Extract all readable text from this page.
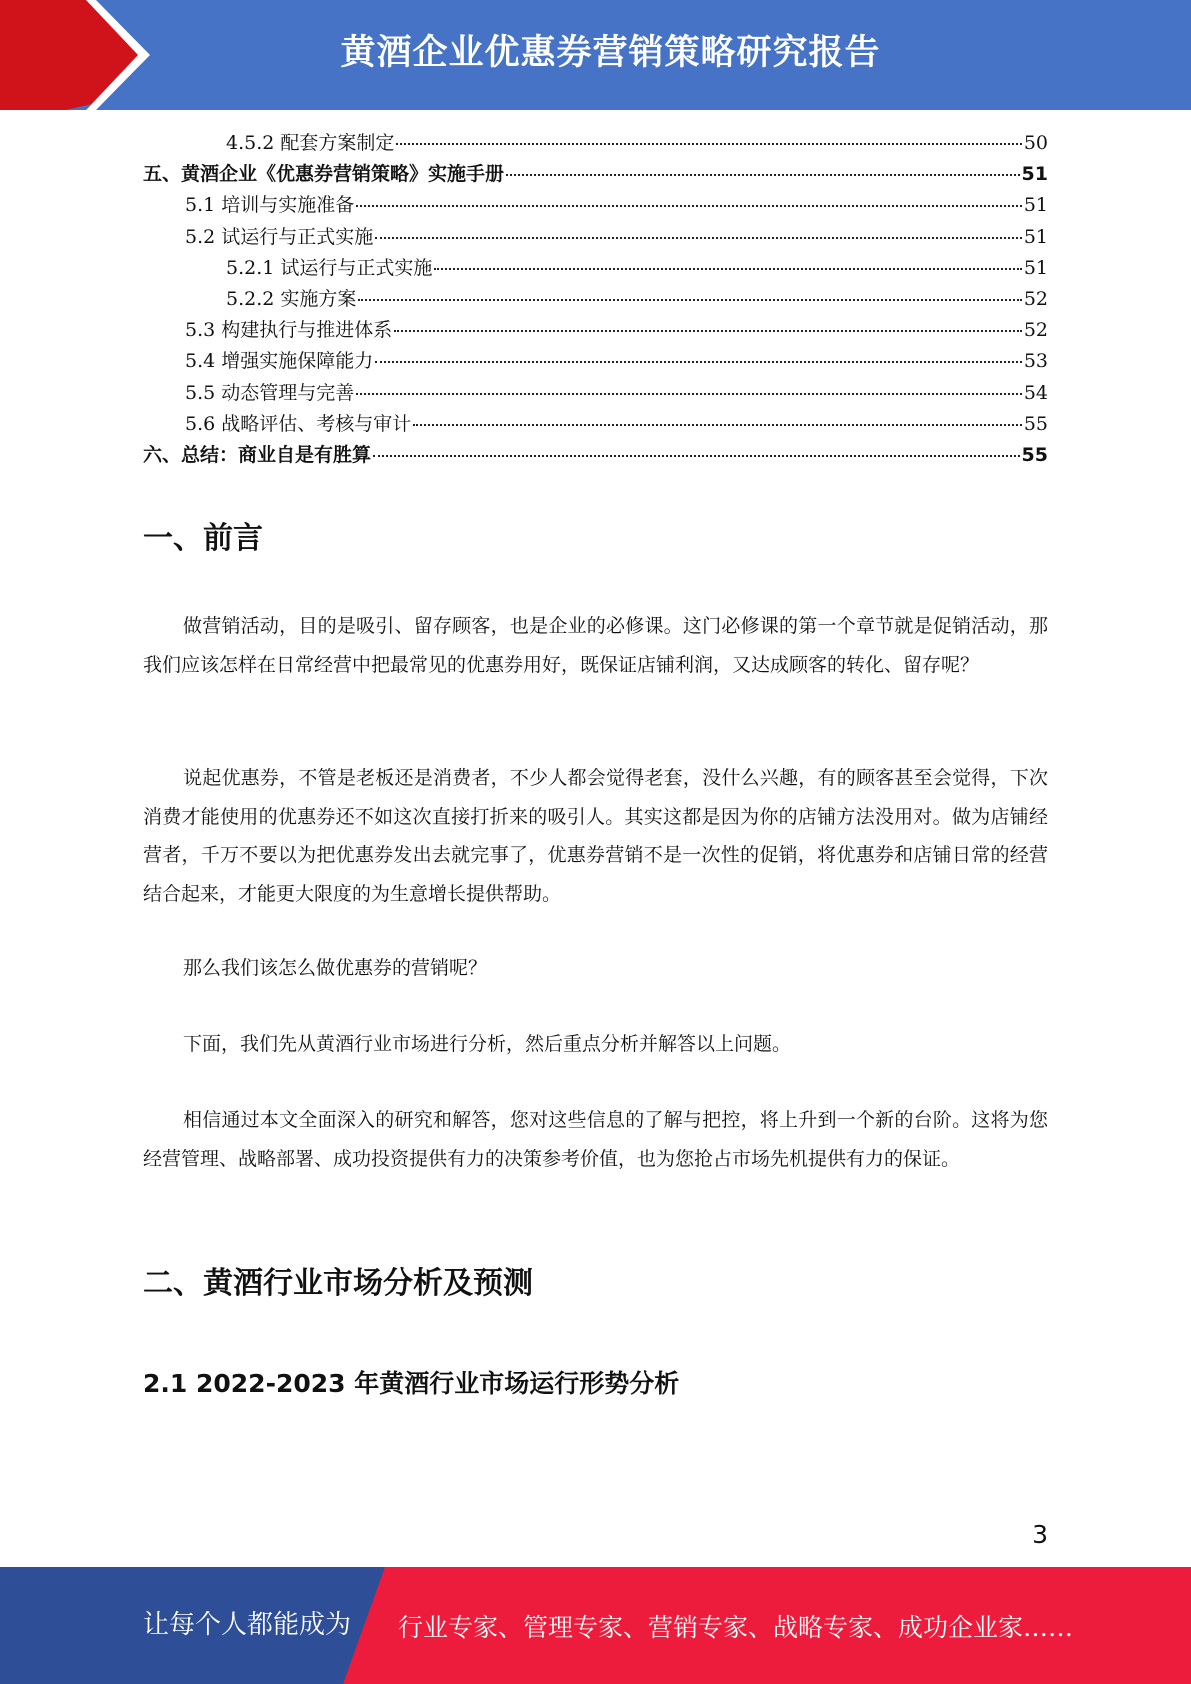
黄酒企业优惠券营销策略研究报告
4.5.2 配套方案制定	50
五、黄酒企业《优惠券营销策略》实施手册	51
5.1 培训与实施准备	51
5.2 试运行与正式实施	51
5.2.1 试运行与正式实施	51
5.2.2 实施方案	52
5.3 构建执行与推进体系	52
5.4 增强实施保障能力	53
5.5 动态管理与完善	54
5.6 战略评估、考核与审计	55
六、总结：商业自是有胜算	55
一、前言

做营销活动，目的是吸引、留存顾客，也是企业的必修课。这门必修课的第一个章节就是促销活动，那我们应该怎样在日常经营中把最常见的优惠券用好，既保证店铺利润，又达成顾客的转化、留存呢？

说起优惠券，不管是老板还是消费者，不少人都会觉得老套，没什么兴趣，有的顾客甚至会觉得，下次消费才能使用的优惠券还不如这次直接打折来的吸引人。其实这都是因为你的店铺方法没用对。做为店铺经营者，千万不要以为把优惠券发出去就完事了，优惠券营销不是一次性的促销，将优惠券和店铺日常的经营结合起来，才能更大限度的为生意增长提供帮助。

那么我们该怎么做优惠券的营销呢？

下面，我们先从黄酒行业市场进行分析，然后重点分析并解答以上问题。

相信通过本文全面深入的研究和解答，您对这些信息的了解与把控，将上升到一个新的台阶。这将为您经营管理、战略部署、成功投资提供有力的决策参考价值，也为您抢占市场先机提供有力的保证。

二、黄酒行业市场分析及预测
2.1 2022-2023 年黄酒行业市场运行形势分析
3
让每个人都能成为 行业专家、管理专家、营销专家、战略专家、成功企业家……
